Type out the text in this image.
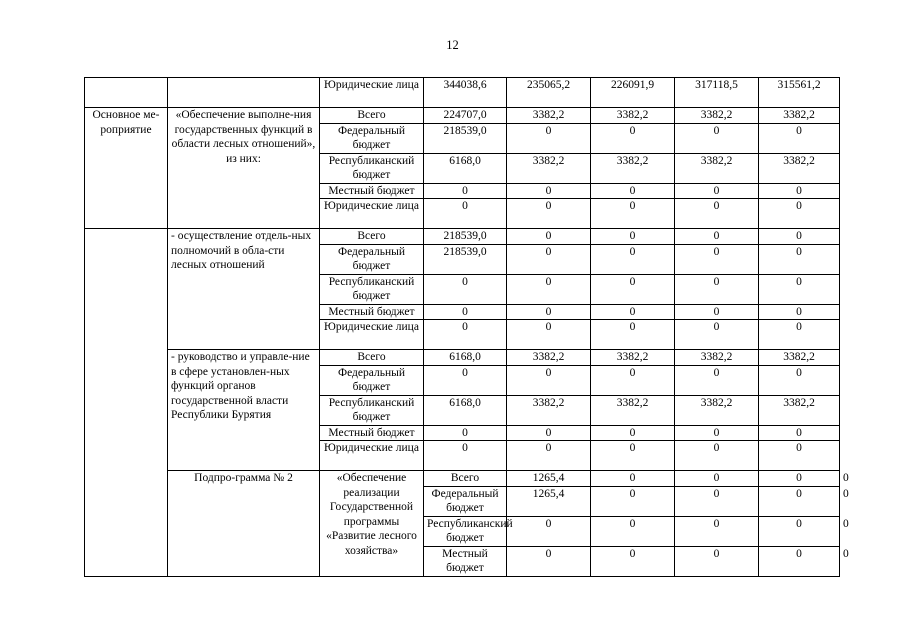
12
		Юридические лица	344038,6	235065,2	226091,9	317118,5	315561,2	
Основное ме-роприятие	«Обеспечение выполне-ния государственных функций в области лесных отношений», из них:	Всего	224707,0	3382,2	3382,2	3382,2	3382,2	
		Федеральный бюджет	218539,0	0	0	0	0	
		Республиканский бюджет	6168,0	3382,2	3382,2	3382,2	3382,2	
		Местный бюджет	0	0	0	0	0	
		Юридические лица	0	0	0	0	0	
	- осуществление отдель-ных полномочий в обла-сти лесных отношений	Всего	218539,0	0	0	0	0	
		Федеральный бюджет	218539,0	0	0	0	0	
		Республиканский бюджет	0	0	0	0	0	
		Местный бюджет	0	0	0	0	0	
		Юридические лица	0	0	0	0	0	
	- руководство и управле-ние в сфере установлен-ных функций органов государственной власти Республики Бурятия	Всего	6168,0	3382,2	3382,2	3382,2	3382,2	
		Федеральный бюджет	0	0	0	0	0	
		Республиканский бюджет	6168,0	3382,2	3382,2	3382,2	3382,2	
		Местный бюджет	0	0	0	0	0	
		Юридические лица	0	0	0	0	0	
	Подпро-грамма № 2	«Обеспечение реализации Государственной программы «Развитие лесного хозяйства»	Всего	1265,4	0	0	0	0
			Федеральный бюджет	1265,4	0	0	0	0
			Республиканский бюджет	0	0	0	0	0
			Местный бюджет	0	0	0	0	0
